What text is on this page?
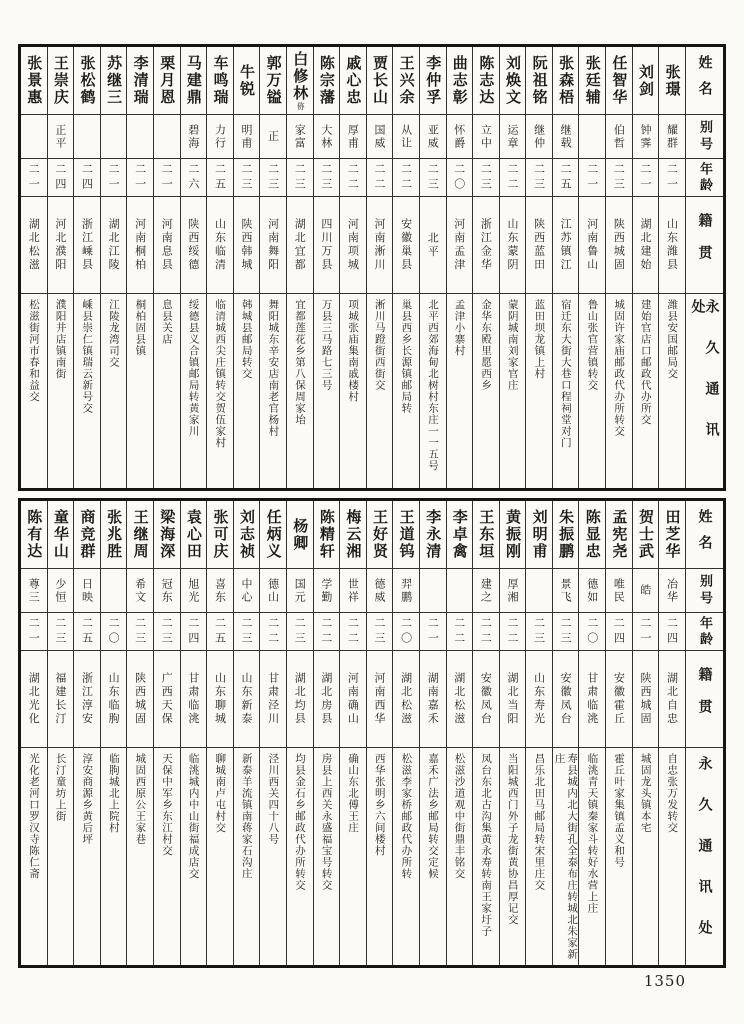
张景惠
二一
湖北松滋
松滋街河市春和益交
王崇庆
正平
二四
河北濮阳
濮阳井店镇南街
张松鹤
二四
浙江嵊县
嵊县崇仁镇瑞云新号交
苏继三
二一
湖北江陵
江陵龙湾司交
李清瑞
二一
河南桐柏
桐柏固县镇
栗月恩
二一
河南息县
息县关店
马建鼎
碧海
二六
陕西绥德
绥德县义合镇邮局转黄家川
车鸣瑞
力行
二五
山东临清
临清城西尖庄镇转交贺伍家村
牛锐
明甫
二三
陕西韩城
韩城县邮局转交
郭万镒
正
二三
河南舞阳
舞阳城东辛安店南老官杨村
白修林㑊
家富
二三
湖北宜都
宜都莲花乡第八保周家坮
陈宗藩
大林
二三
四川万县
万县三马路七三号
戚心忠
厚甫
二二
河南项城
项城张庙集南戚楼村
贾长山
国威
二二
河南淅川
淅川马蹬街西街交
王兴余
从让
二二
安徽巢县
巢县西乡长源镇邮局转
李仲孚
亚威
二三
北平
北平西郊海甸北树村东庄一一五号
曲志彰
怀爵
二〇
河南孟津
孟津小寨村
陈志达
立中
二三
浙江金华
金华东殿里愿西乡
刘焕文
运章
二二
山东蒙阴
蒙阴城南刘家官庄
阮祖铭
继仲
二三
陕西蓝田
蓝田坝龙镇上村
张森梧
继载
二五
江苏镇江
宿迁东大街大巷口程祠堂对门
张廷辅
二一
河南鲁山
鲁山张官营镇转交
任智华
伯哲
二三
陕西城固
城固许家庙邮政代办所转交
刘剑
钟霁
二一
湖北建始
建始官店口邮政代办所交
张璟
耀群
二一
山东潍县
潍县安国邮局交
姓名
别号
年龄
籍贯
永久通讯处
陈有达
尊三
二一
湖北光化
光化老河口罗汉寺陈仁斋
童华山
少恒
二三
福建长汀
长汀童坊上街
商竞群
日映
二五
浙江淳安
淳安商源乡黄后坪
张兆胜
二〇
山东临朐
临朐城北上院村
王继周
希文
二三
陕西城固
城固西原公王家巷
梁海深
冠东
二三
广西天保
天保中军乡东江村交
袁心田
旭光
二四
甘肃临洮
临洮城内中山街福成店交
张可庆
喜东
二五
山东聊城
聊城南卢屯村交
刘志祯
中心
二三
山东新泰
新泰羊流镇南蒋家石沟庄
任炳义
德山
二二
甘肃泾川
泾川西关四十八号
杨卿
国元
二三
湖北均县
均县金石乡邮政代办所转交
陈精轩
学勤
二二
湖北房县
房县上西关永盛福宝号转交
梅云湘
世祥
二二
河南确山
确山东北傅王庄
王好贤
德威
二三
河南西华
西华张明乡六间楼村
王道钨
羿鹏
二〇
湖北松滋
松滋李家桥邮政代办所转
李永清
二一
湖南嘉禾
嘉禾广法乡邮局转交定候
李卓禽
二二
湖北松滋
松滋沙道观中街鼎丰铭交
王东垣
建之
二二
安徽凤台
凤台东北古沟集黄永寿转南王家圩子
黄振刚
厚湘
二二
湖北当阳
当阳城西门外子龙街黄协昌厚记交
刘明甫
二三
山东寿光
昌乐北田马邮局转宋里庄交
朱振鹏
景飞
二三
安徽凤台
寿县城内北大街孔全泰布庄转城北朱家新庄
陈显忠
德如
二〇
甘肃临洮
临洮青天镇秦家斗转好水营上庄
孟宪尧
唯民
二四
安徽霍丘
霍丘叶家集镇孟义和号
贺士武
皓
二一
陕西城固
城固龙头镇本宅
田芝华
冶华
二四
湖北自忠
自忠张万发转交
姓名
别号
年龄
籍贯
永久通讯处
1350
